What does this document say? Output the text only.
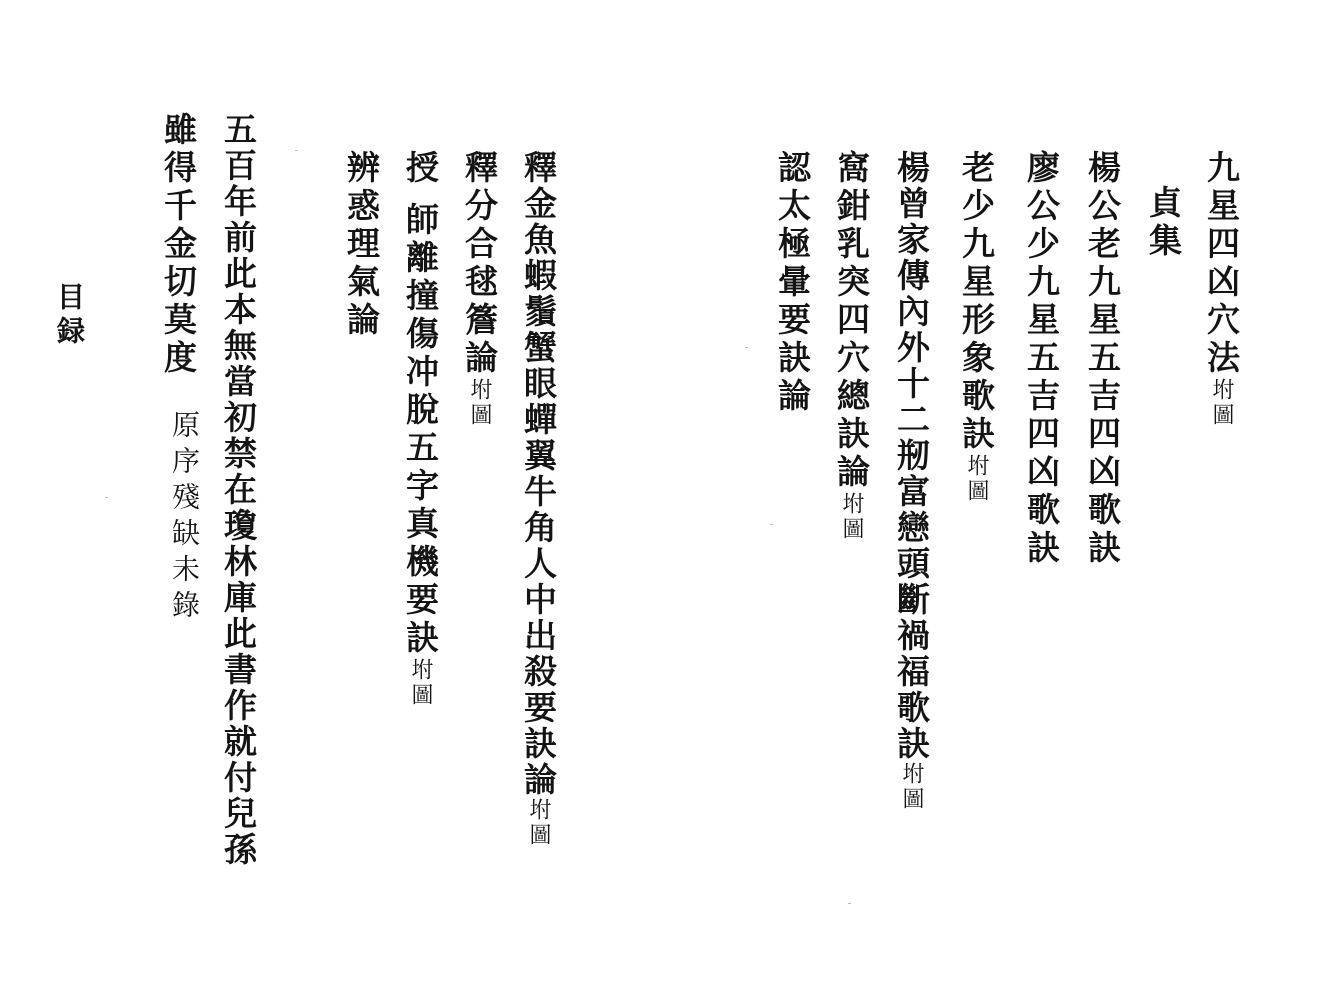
九星四凶穴法坿圖
貞集
楊公老九星五吉四凶歌訣
廖公少九星五吉四凶歌訣
老少九星形象歌訣坿圖
楊曾家傳內外十二剏富戀頭斷禍福歌訣坿圖
窩鉗乳突四穴總訣論坿圖
認太極暈要訣論
釋金魚蝦鬚蟹眼蟬翼牛角人中出殺要訣論坿圖
釋分合毬簷論坿圖
授師離撞傷冲脫五字真機要訣坿圖
辨惑理氣論
五百年前此本無當初禁在瓊林庫此書作就付兒孫
雖得千金切莫度
原序殘缺未錄
目録
